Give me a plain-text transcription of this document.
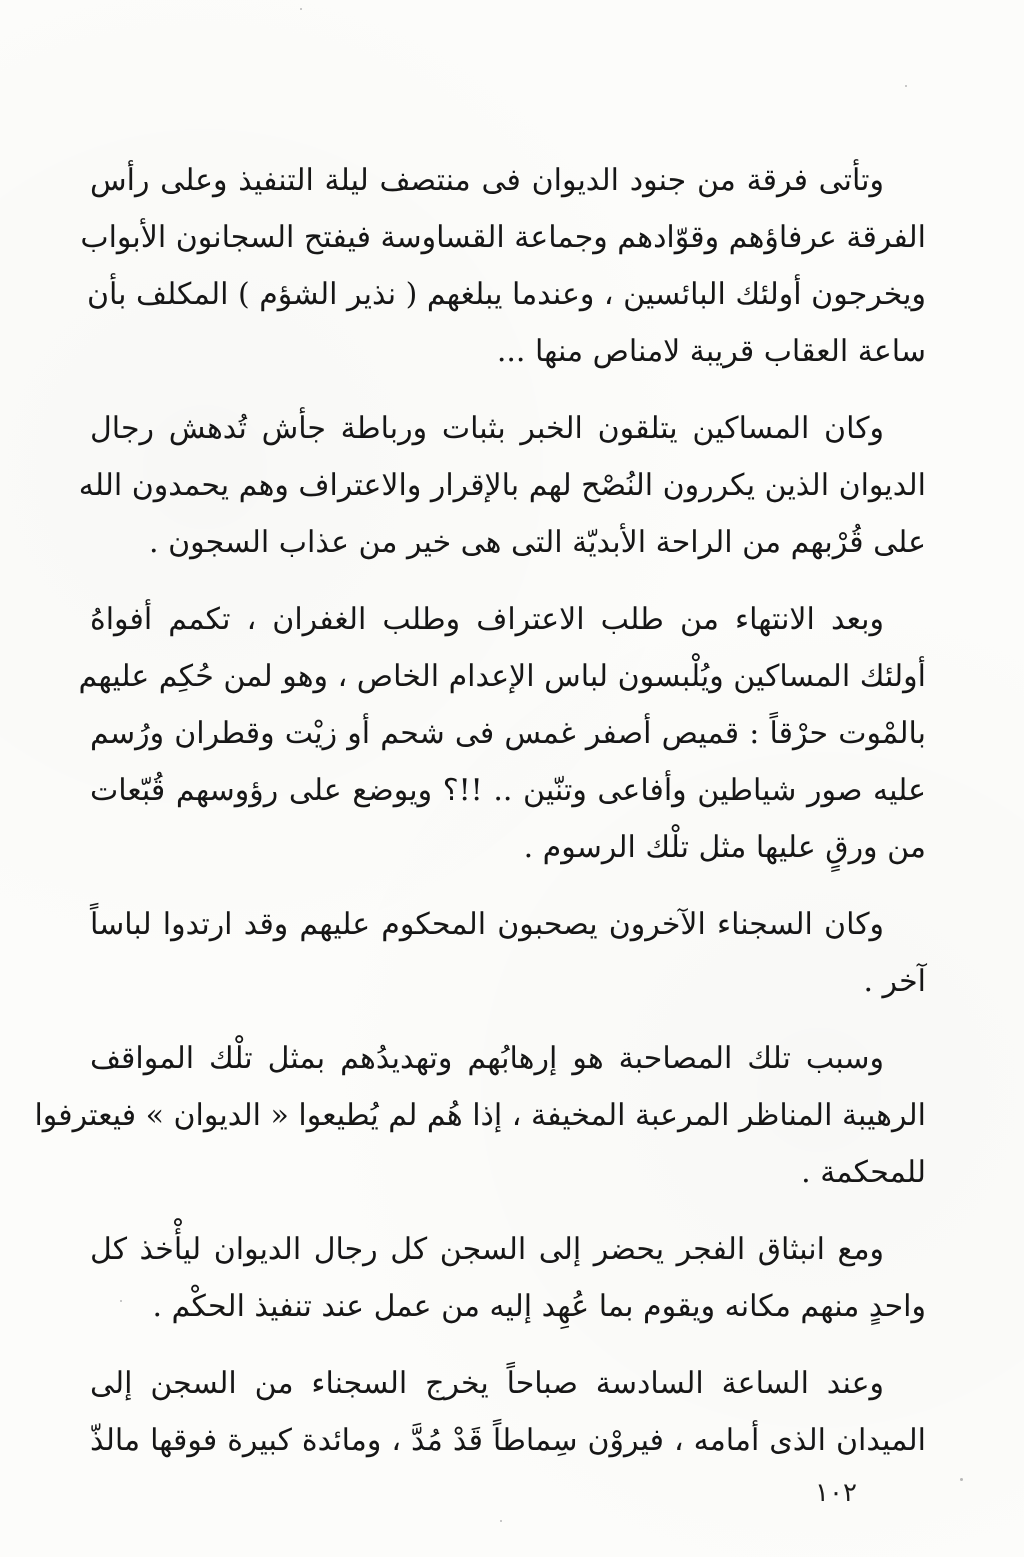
وتأتى فرقة من جنود الديوان فى منتصف ليلة التنفيذ وعلى رأس
الفرقة عرفاؤهم وقوّادهم وجماعة القساوسة فيفتح السجانون الأبواب
ويخرجون أولئك البائسين ، وعندما يبلغهم ( نذير الشؤم ) المكلف بأن
ساعة العقاب قريبة لامناص منها ...

وكان المساكين يتلقون الخبر بثبات ورباطة جأش تُدهش رجال
الديوان الذين يكررون النُصْح لهم بالإقرار والاعتراف وهم يحمدون الله
على قُرْبهم من الراحة الأبديّة التى هى خير من عذاب السجون .

وبعد الانتهاء من طلب الاعتراف وطلب الغفران ، تكمم أفواهُ
أولئك المساكين ويُلْبسون لباس الإعدام الخاص ، وهو لمن حُكِم عليهم
بالمْوت حرْقاً : قميص أصفر غمس فى شحم أو زيْت وقطران ورُسم
عليه صور شياطين وأفاعى وتنّين .. !!؟ ويوضع على رؤوسهم قُبّعات
من ورقٍ عليها مثل تلْك الرسوم .

وكان السجناء الآخرون يصحبون المحكوم عليهم وقد ارتدوا لباساً
آخر .

وسبب تلك المصاحبة هو إرهابُهم وتهديدُهم بمثل تلْك المواقف
الرهيبة المناظر المرعبة المخيفة ، إذا هُم لم يُطيعوا « الديوان » فيعترفوا
للمحكمة .

ومع انبثاق الفجر يحضر إلى السجن كل رجال الديوان ليأْخذ كل
واحدٍ منهم مكانه ويقوم بما عُهِد إليه من عمل عند تنفيذ الحكْم .

وعند الساعة السادسة صباحاً يخرج السجناء من السجن إلى
الميدان الذى أمامه ، فيروْن سِماطاً قَدْ مُدَّ ، ومائدة كبيرة فوقها مالذّ

١٠٢
